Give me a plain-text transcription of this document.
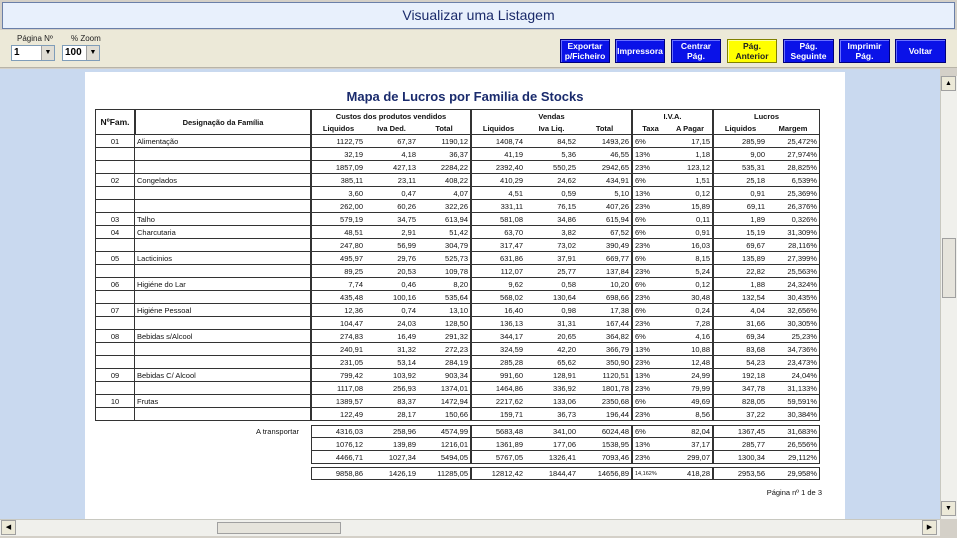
Visualizar uma Listagem
Página Nº
1	▼
% Zoom
100	▼
Exportar
p/Ficheiro Impressora Centrar
Pág.
Pág.
Anterior
Pág.
Seguinte
Imprimir
Pág.	Voltar
Mapa de Lucros por Familia de Stocks
NºFam.	Designação da Família	Custos dos produtos vendidos			Vendas			I.V.A.		Lucros	
		Liquidos	Iva Ded.	Total	Liquidos	Iva Liq.	Total	Taxa	A Pagar	Liquidos	Margem
01	Alimentação	1122,75	67,37	1190,12	1408,74	84,52	1493,26	6%	17,15	285,99	25,472%
		32,19	4,18	36,37	41,19	5,36	46,55	13%	1,18	9,00	27,974%
		1857,09	427,13	2284,22	2392,40	550,25	2942,65	23%	123,12	535,31	28,825%
02	Congelados	385,11	23,11	408,22	410,29	24,62	434,91	6%	1,51	25,18	6,539%
		3,60	0,47	4,07	4,51	0,59	5,10	13%	0,12	0,91	25,369%
		262,00	60,26	322,26	331,11	76,15	407,26	23%	15,89	69,11	26,376%
03	Talho	579,19	34,75	613,94	581,08	34,86	615,94	6%	0,11	1,89	0,326%
04	Charcutaria	48,51	2,91	51,42	63,70	3,82	67,52	6%	0,91	15,19	31,309%
		247,80	56,99	304,79	317,47	73,02	390,49	23%	16,03	69,67	28,116%
05	Lacticinios	495,97	29,76	525,73	631,86	37,91	669,77	6%	8,15	135,89	27,399%
		89,25	20,53	109,78	112,07	25,77	137,84	23%	5,24	22,82	25,563%
06	Higiéne do Lar	7,74	0,46	8,20	9,62	0,58	10,20	6%	0,12	1,88	24,324%
		435,48	100,16	535,64	568,02	130,64	698,66	23%	30,48	132,54	30,435%
07	Higiéne Pessoal	12,36	0,74	13,10	16,40	0,98	17,38	6%	0,24	4,04	32,656%
		104,47	24,03	128,50	136,13	31,31	167,44	23%	7,28	31,66	30,305%
08	Bebidas s/Alcool	274,83	16,49	291,32	344,17	20,65	364,82	6%	4,16	69,34	25,23%
		240,91	31,32	272,23	324,59	42,20	366,79	13%	10,88	83,68	34,736%
		231,05	53,14	284,19	285,28	65,62	350,90	23%	12,48	54,23	23,473%
09	Bebidas C/ Alcool	799,42	103,92	903,34	991,60	128,91	1120,51	13%	24,99	192,18	24,04%
		1117,08	256,93	1374,01	1464,86	336,92	1801,78	23%	79,99	347,78	31,133%
10	Frutas	1389,57	83,37	1472,94	2217,62	133,06	2350,68	6%	49,69	828,05	59,591%
		122,49	28,17	150,66	159,71	36,73	196,44	23%	8,56	37,22	30,384%

	A transportar	4316,03	258,96	4574,99	5683,48	341,00	6024,48	6%	82,04	1367,45	31,683%
		1076,12	139,89	1216,01	1361,89	177,06	1538,95	13%	37,17	285,77	26,556%
		4466,71	1027,34	5494,05	5767,05	1326,41	7093,46	23%	299,07	1300,34	29,112%

		9858,86	1426,19	11285,05	12812,42	1844,47	14656,89	14,162%	418,28	2953,56	29,958%
Página nº 1 de 3
▲
▼
◀	▶
